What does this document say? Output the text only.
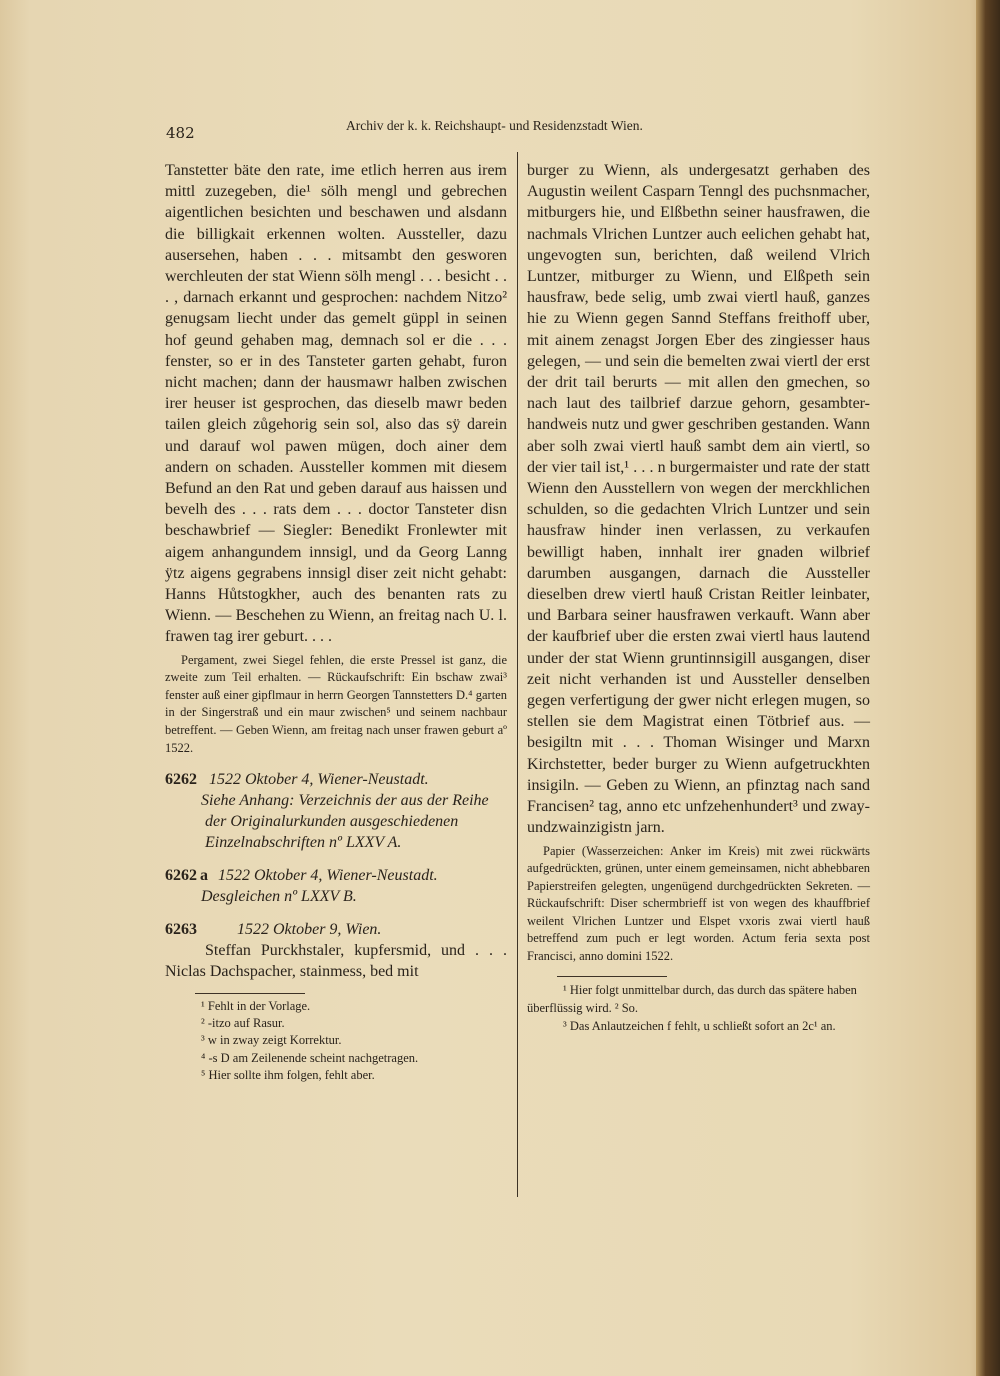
482	Archiv der k. k. Reichshaupt- und Residenzstadt Wien.

Tanstetter bäte den rate, ime etlich herren aus irem mittl zuzegeben, die¹ sölh mengl und gebrechen aigentlichen besichten und beschawen und alsdann die billigkait erkennen wolten. Aussteller, dazu ausersehen, haben . . . mitsambt den gesworen werchleuten der stat Wienn sölh mengl . . . besicht . . . , darnach erkannt und gesprochen: nachdem Nitzo² genugsam liecht under das gemelt güppl in seinen hof geund gehaben mag, demnach sol er die . . . fenster, so er in des Tansteter garten gehabt, furon nicht machen; dann der hausmawr halben zwischen irer heuser ist gesprochen, das dieselb mawr beden tailen gleich zůgehorig sein sol, also das sÿ darein und darauf wol pawen mügen, doch ainer dem andern on schaden. Aussteller kommen mit diesem Befund an den Rat und geben darauf aus haissen und bevelh des . . . rats dem . . . doctor Tansteter disn beschawbrief — Siegler: Benedikt Fronlewter mit aigem anhangundem innsigl, und da Georg Lanng ÿtz aigens gegrabens innsigl diser zeit nicht gehabt: Hanns Hůtstogkher, auch des benanten rats zu Wienn. — Beschehen zu Wienn, an freitag nach U. l. frawen tag irer geburt. . . .

Pergament, zwei Siegel fehlen, die erste Pressel ist ganz, die zweite zum Teil erhalten. — Rückaufschrift: Ein bschaw zwai³ fenster auß einer gipflmaur in herrn Georgen Tannstetters D.⁴ garten in der Singerstraß und ein maur zwischen⁵ und seinem nachbaur betreffent. — Geben Wienn, am freitag nach unser frawen geburt aº 1522.

6262 1522 Oktober 4, Wiener-Neustadt.

Siehe Anhang: Verzeichnis der aus der Reihe der Originalurkunden ausgeschiedenen Einzelnabschriften nº LXXV A.

6262 a 1522 Oktober 4, Wiener-Neustadt.

Desgleichen nº LXXV B.

6263	1522 Oktober 9, Wien.

Steffan Purckhstaler, kupfersmid, und . . . Niclas Dachspacher, stainmess, bed mit

¹ Fehlt in der Vorlage.

² -itzo auf Rasur.

³ w in zway zeigt Korrektur.

⁴ -s D am Zeilenende scheint nachgetragen.

⁵ Hier sollte ihm folgen, fehlt aber.

burger zu Wienn, als undergesatzt gerhaben des Augustin weilent Casparn Tenngl des puchsnmacher, mitburgers hie, und Elßbethn seiner hausfrawen, die nachmals Vlrichen Luntzer auch eelichen gehabt hat, ungevogten sun, berichten, daß weilend Vlrich Luntzer, mitburger zu Wienn, und Elßpeth sein hausfraw, bede selig, umb zwai viertl hauß, ganzes hie zu Wienn gegen Sannd Steffans freithoff uber, mit ainem zenagst Jorgen Eber des zingiesser haus gelegen, — und sein die bemelten zwai viertl der erst der drit tail berurts — mit allen den gmechen, so nach laut des tailbrief darzue gehorn, gesambter-handweis nutz und gwer geschriben gestanden. Wann aber solh zwai viertl hauß sambt dem ain viertl, so der vier tail ist,¹ . . . n burgermaister und rate der statt Wienn den Ausstellern von wegen der merckhlichen schulden, so die gedachten Vlrich Luntzer und sein hausfraw hinder inen verlassen, zu verkaufen bewilligt haben, innhalt irer gnaden wilbrief darumben ausgangen, darnach die Aussteller dieselben drew viertl hauß Cristan Reitler leinbater, und Barbara seiner hausfrawen verkauft. Wann aber der kaufbrief uber die ersten zwai viertl haus lautend under der stat Wienn gruntinnsigill ausgangen, diser zeit nicht verhanden ist und Aussteller denselben gegen verfertigung der gwer nicht erlegen mugen, so stellen sie dem Magistrat einen Tötbrief aus. — besigiltn mit . . . Thoman Wisinger und Marxn Kirchstetter, beder burger zu Wienn aufgetruckhten insigiln. — Geben zu Wienn, an pfinztag nach sand Francisen² tag, anno etc unfzehenhundert³ und zwayundzwainzigistn jarn.

Papier (Wasserzeichen: Anker im Kreis) mit zwei rückwärts aufgedrückten, grünen, unter einem gemeinsamen, nicht abhebbaren Papierstreifen gelegten, ungenügend durchgedrückten Sekreten. — Rückaufschrift: Diser schermbrieff ist von wegen des khauffbrief weilent Vlrichen Luntzer und Elspet vxoris zwai viertl hauß betreffend zum puch er legt worden. Actum feria sexta post Francisci, anno domini 1522.

¹ Hier folgt unmittelbar durch, das durch das spätere haben überflüssig wird. ² So.

³ Das Anlautzeichen f fehlt, u schließt sofort an 2c¹ an.
